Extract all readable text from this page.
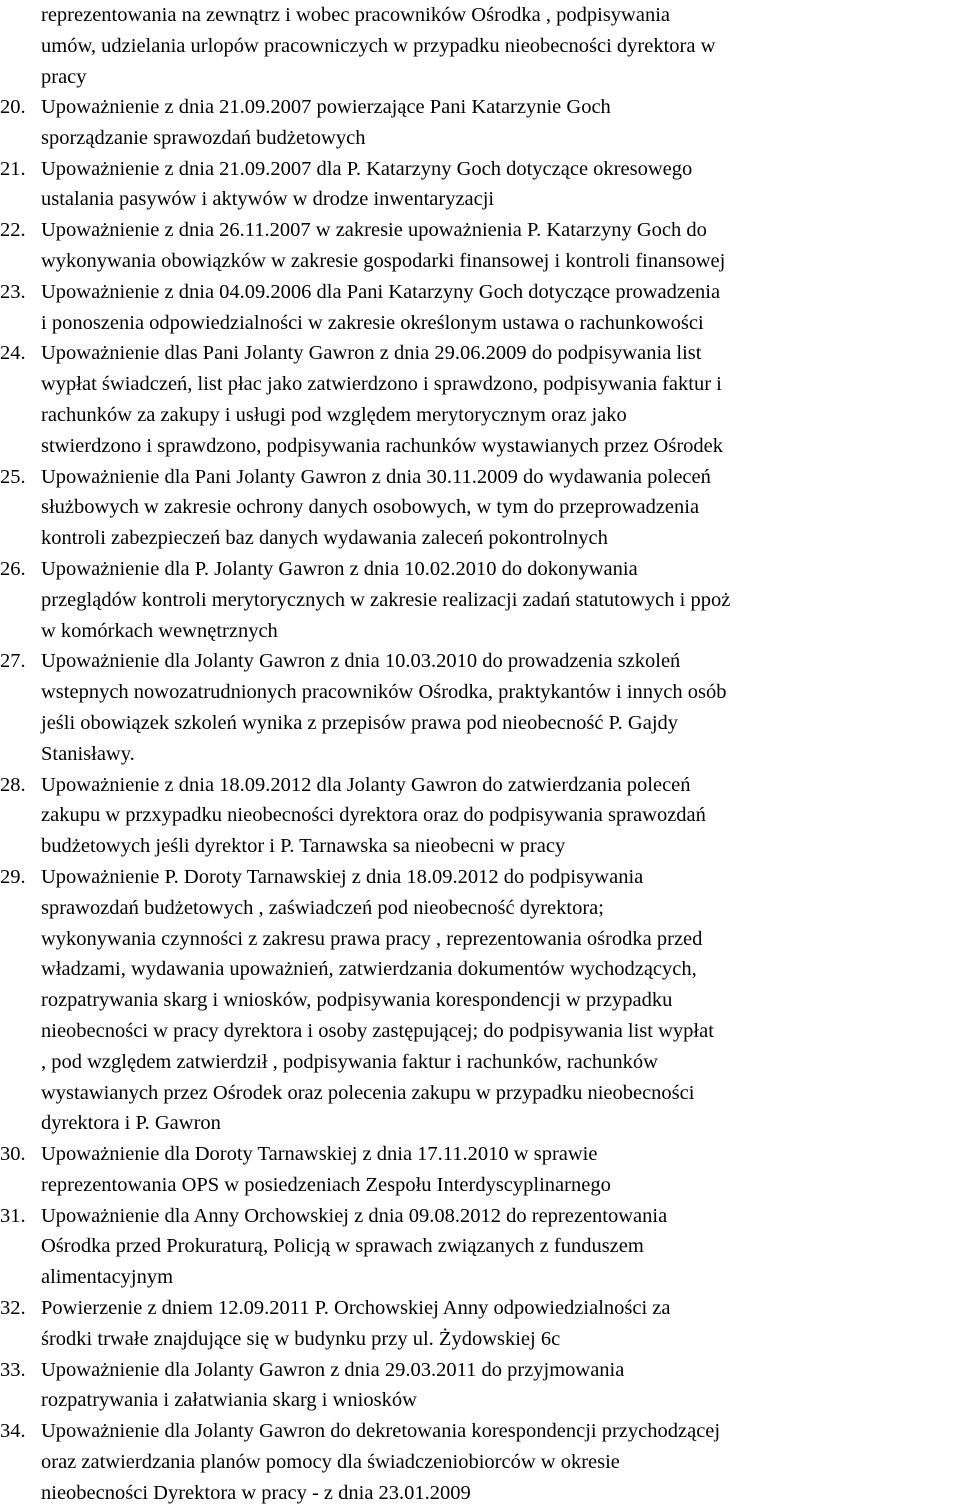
reprezentowania na zewnątrz i wobec pracowników Ośrodka , podpisywania
umów, udzielania urlopów pracowniczych w przypadku nieobecności dyrektora w
pracy
20. Upoważnienie z dnia 21.09.2007 powierzające Pani Katarzynie Goch
sporządzanie sprawozdań budżetowych
21. Upoważnienie z dnia 21.09.2007 dla P. Katarzyny Goch dotyczące okresowego
ustalania pasywów i aktywów w drodze inwentaryzacji
22. Upoważnienie z dnia 26.11.2007 w zakresie upoważnienia P. Katarzyny Goch do
wykonywania obowiązków w zakresie gospodarki finansowej i kontroli finansowej
23. Upoważnienie z dnia 04.09.2006 dla Pani Katarzyny Goch dotyczące prowadzenia
i ponoszenia odpowiedzialności w zakresie określonym ustawa o rachunkowości
24. Upoważnienie dlas Pani Jolanty Gawron z dnia 29.06.2009 do podpisywania list
wypłat świadczeń, list płac jako zatwierdzono i sprawdzono, podpisywania faktur i
rachunków za zakupy i usługi pod względem merytorycznym oraz jako
stwierdzono i sprawdzono, podpisywania rachunków wystawianych przez Ośrodek
25. Upoważnienie dla Pani Jolanty Gawron z dnia 30.11.2009 do wydawania poleceń
służbowych w zakresie ochrony danych osobowych, w tym do przeprowadzenia
kontroli zabezpieczeń baz danych wydawania zaleceń pokontrolnych
26. Upoważnienie dla P. Jolanty Gawron z dnia 10.02.2010 do dokonywania
przeglądów kontroli merytorycznych w zakresie realizacji zadań statutowych i ppoż
w komórkach wewnętrznych
27. Upoważnienie dla Jolanty Gawron z dnia 10.03.2010 do prowadzenia szkoleń
wstepnych nowozatrudnionych pracowników Ośrodka, praktykantów i innych osób
jeśli obowiązek szkoleń wynika z przepisów prawa pod nieobecność P. Gajdy
Stanisławy.
28. Upoważnienie z dnia 18.09.2012 dla Jolanty Gawron do zatwierdzania poleceń
zakupu w przxypadku nieobecności dyrektora oraz do podpisywania sprawozdań
budżetowych jeśli dyrektor i P. Tarnawska sa nieobecni w pracy
29. Upoważnienie P. Doroty Tarnawskiej z dnia 18.09.2012 do podpisywania
sprawozdań budżetowych , zaświadczeń pod nieobecność dyrektora;
wykonywania czynności z zakresu prawa pracy , reprezentowania ośrodka przed
władzami, wydawania upoważnień, zatwierdzania dokumentów wychodzących,
rozpatrywania skarg i wniosków, podpisywania korespondencji w przypadku
nieobecności w pracy dyrektora i osoby zastępującej; do podpisywania list wypłat
, pod względem zatwierdził , podpisywania faktur i rachunków, rachunków
wystawianych przez Ośrodek oraz polecenia zakupu w przypadku nieobecności
dyrektora i P. Gawron
30. Upoważnienie dla Doroty Tarnawskiej z dnia 17.11.2010 w sprawie
reprezentowania OPS w posiedzeniach Zespołu Interdyscyplinarnego
31. Upoważnienie dla Anny Orchowskiej z dnia 09.08.2012 do reprezentowania
Ośrodka przed Prokuraturą, Policją w sprawach związanych z funduszem
alimentacyjnym
32. Powierzenie z dniem 12.09.2011 P. Orchowskiej Anny odpowiedzialności za
środki trwałe znajdujące się w budynku przy ul. Żydowskiej 6c
33. Upoważnienie dla Jolanty Gawron z dnia 29.03.2011 do przyjmowania
rozpatrywania i załatwiania skarg i wniosków
34. Upoważnienie dla Jolanty Gawron do dekretowania korespondencji przychodzącej
oraz zatwierdzania planów pomocy dla świadczeniobiorców w okresie
nieobecności Dyrektora w pracy - z dnia 23.01.2009
